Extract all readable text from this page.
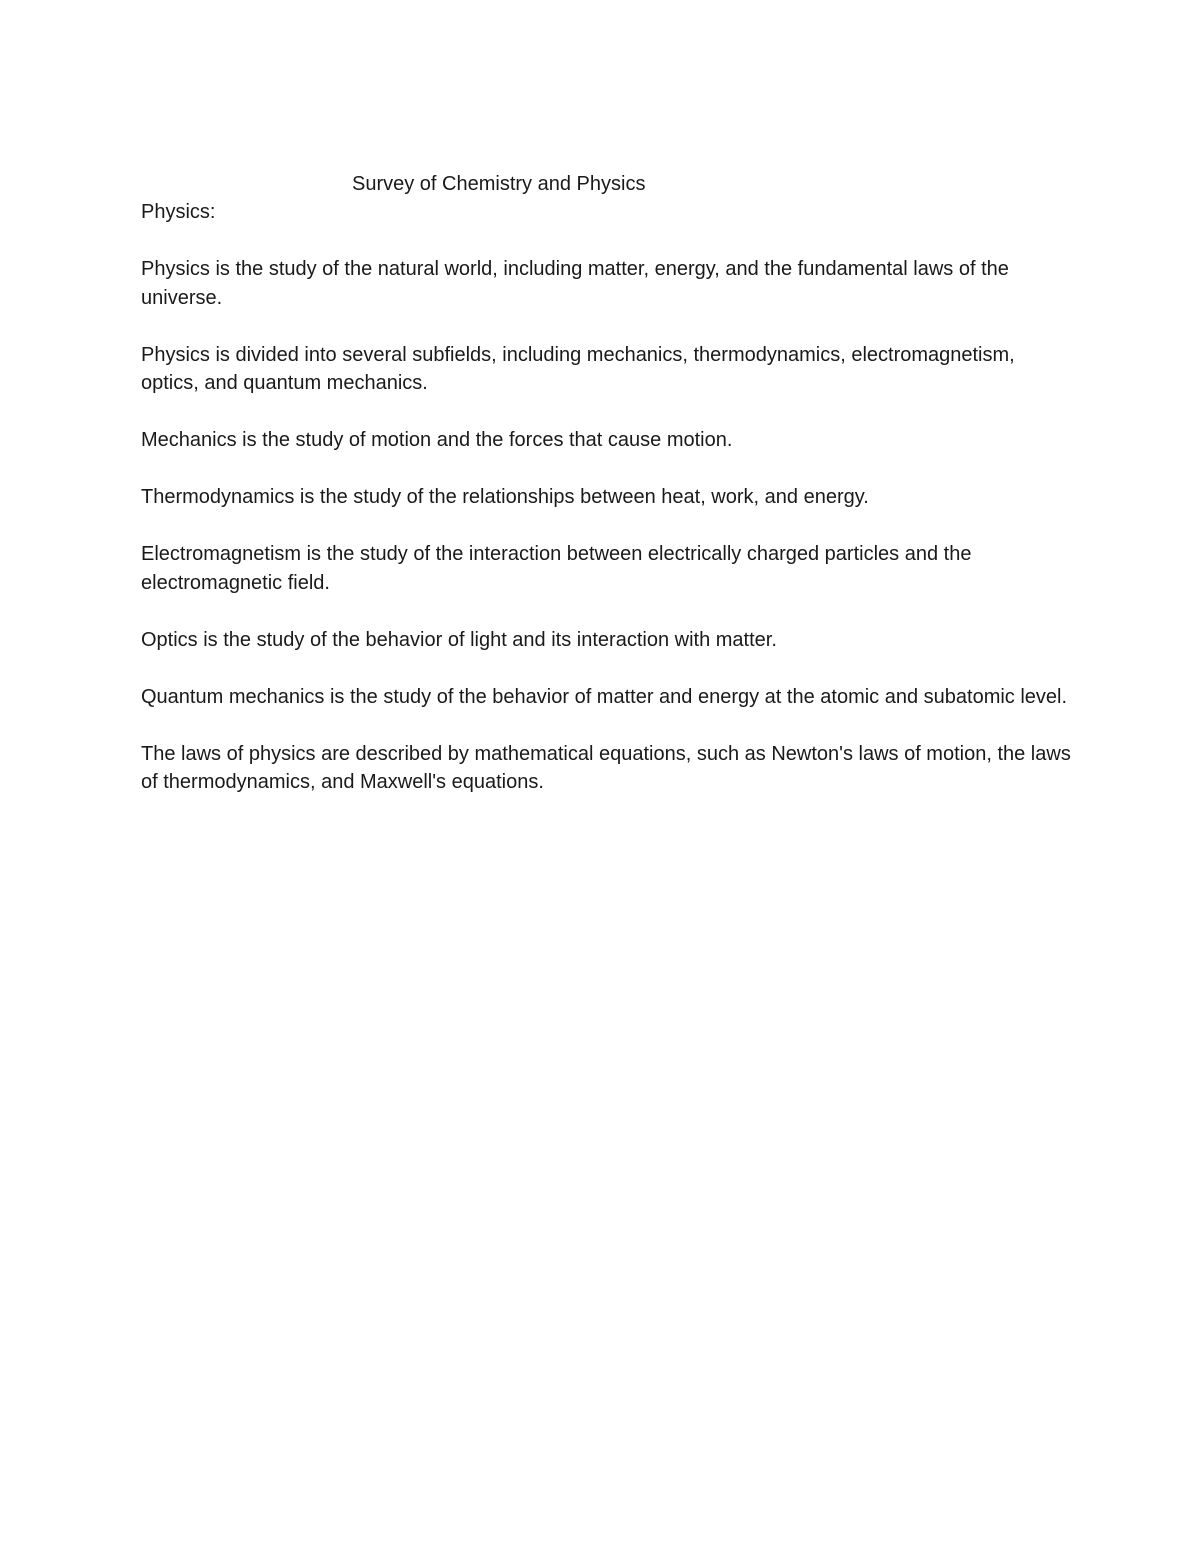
Survey of Chemistry and Physics

Physics:

Physics is the study of the natural world, including matter, energy, and the fundamental laws of the universe.

Physics is divided into several subfields, including mechanics, thermodynamics, electromagnetism, optics, and quantum mechanics.

Mechanics is the study of motion and the forces that cause motion.

Thermodynamics is the study of the relationships between heat, work, and energy.

Electromagnetism is the study of the interaction between electrically charged particles and the electromagnetic field.

Optics is the study of the behavior of light and its interaction with matter.

Quantum mechanics is the study of the behavior of matter and energy at the atomic and subatomic level.

The laws of physics are described by mathematical equations, such as Newton's laws of motion, the laws of thermodynamics, and Maxwell's equations.
